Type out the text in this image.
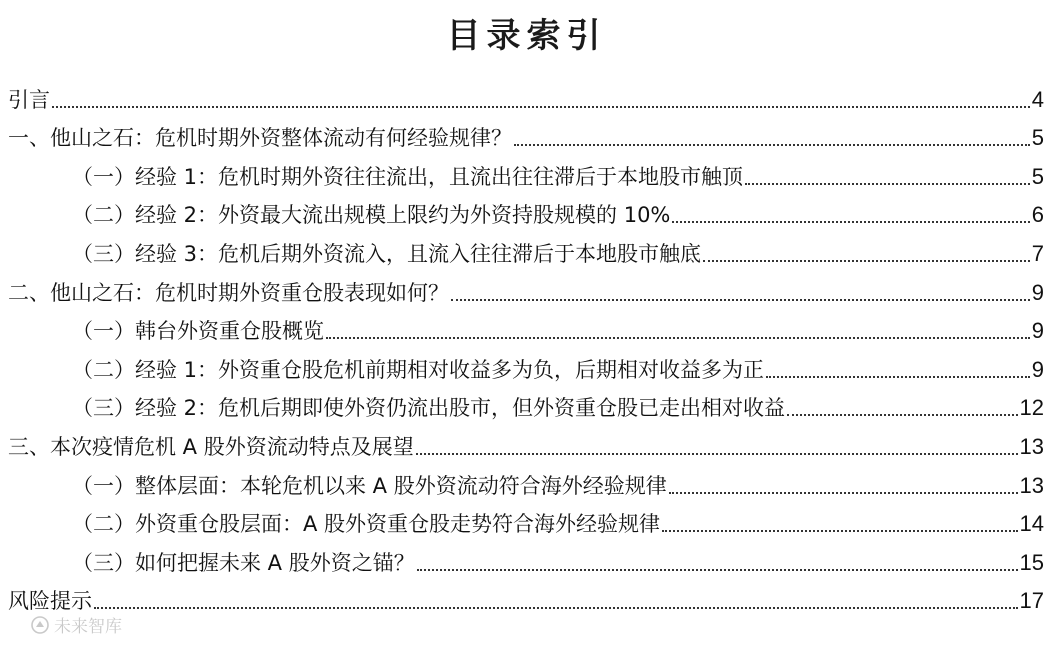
目录索引
引言	4
一、他山之石：危机时期外资整体流动有何经验规律？	5
（一）经验 1：危机时期外资往往流出，且流出往往滞后于本地股市触顶	5
（二）经验 2：外资最大流出规模上限约为外资持股规模的 10%	6
（三）经验 3：危机后期外资流入，且流入往往滞后于本地股市触底	7
二、他山之石：危机时期外资重仓股表现如何？	9
（一）韩台外资重仓股概览	9
（二）经验 1：外资重仓股危机前期相对收益多为负，后期相对收益多为正	9
（三）经验 2：危机后期即使外资仍流出股市，但外资重仓股已走出相对收益	12
三、本次疫情危机 A 股外资流动特点及展望	13
（一）整体层面：本轮危机以来 A 股外资流动符合海外经验规律	13
（二）外资重仓股层面：A 股外资重仓股走势符合海外经验规律	14
（三）如何把握未来 A 股外资之锚？	15
风险提示	17
未来智库
